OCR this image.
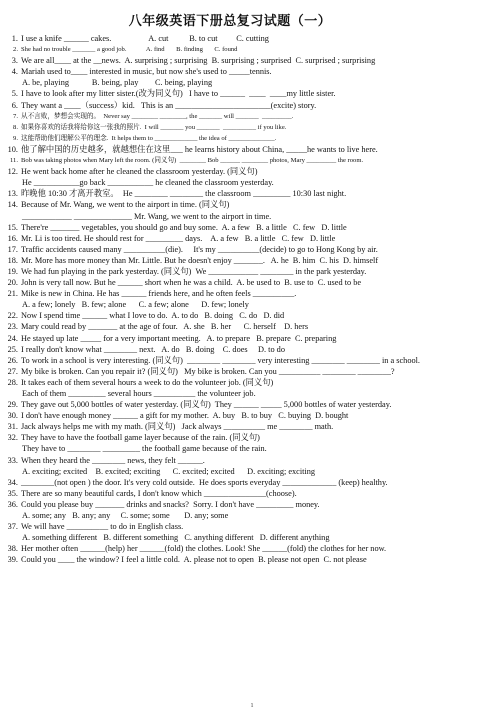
八年级英语下册总复习试题（一）
1. I use a knife ______ cakes.                  A. cut          B. to cut         C. cutting
2. She had no trouble _______ a good job.            A. find       B. finding       C. found
3. We are all____ at the __news.  A. surprising ; surprising  B. surprising ; surprised  C. surprised ; surprising
4. Mariah used to____ interested in music, but now she's used to _____tennis.
A. be, playing           B. being, play        C. being, playing
5. I have to look after my litter sister.(改为同义句)   I have to ______  ____  ____my little sister.
6. They want a ____（success）kid.   This is an _______________________(excite) story.
7. 从不言败，梦想会实现的。  Never say ________ ________, the _______ will _______  _________.
8. 如果你喜欢的话我将给你这一张我的照片.  I will _______ you _______  __________ if you like.
9. 这能帮助他们理解公平的理念.  It helps them to _____________ the idea of ______________.
10. 他了解中国的历史越多，就越想住在这里___ he learns history about China, _____he wants to live here.
11. Bob was taking photos when Mary left the room. (同义句)  ________ Bob ______ ________ photos, Mary _________ the room.
12. He went back home after he cleaned the classroom yesterday. (同义句)
He ___________go back ___________ he cleaned the classroom yesterday.
13. 昨晚他 10:30 才离开教室。  He ________ ________ the classroom _________ 10:30 last night.
14. Because of Mr. Wang, we went to the airport in time. (同义句)
____________ ______________ Mr. Wang, we went to the airport in time.
15. There're _______ vegetables, you should go and buy some.  A. a few   B. a little   C. few   D. little
16. Mr. Li is too tired. He should rest for _________ days.    A. a few   B. a little   C. few   D. little
17. Traffic accidents caused many __________(die).     It's my __________(decide) to go to Hong Kong by air.
18. Mr. More has more money than Mr. Little. But he doesn't enjoy _______.   A. he  B. him  C. his  D. himself
19. We had fun playing in the park yesterday. (同义句)  We ____________ ________ in the park yesterday.
20. John is very tall now. But he ______ short when he was a child.  A. be used to  B. use to  C. used to be
21. Mike is new in China. He has ______ friends here, and he often feels __________.
A. a few; lonely   B. few; alone      C. a few; alone      D. few; lonely
22. Now I spend time ______ what I love to do.  A. to do   B. doing   C. do   D. did
23. Mary could read by _______ at the age of four.   A. she   B. her      C. herself    D. hers
24. He stayed up late _____ for a very important meeting.   A. to prepare   B. prepare  C. preparing
25. I really don't know what ________ next.   A. do   B. doing    C. does     D. to do
26. To work in a school is very interesting. (同义句)  ________ ________ very interesting ________ ________ in a school.
27. My bike is broken. Can you repair it? (同义句)   My bike is broken. Can you __________ ________ ________?
28. It takes each of them several hours a week to do the volunteer job. (同义句)
Each of them _________ several hours __________ the volunteer job.
29. They gave out 5,000 bottles of water yesterday. (同义句)  They ______ _____ 5,000 bottles of water yesterday.
30. I don't have enough money ______ a gift for my mother.  A. buy   B. to buy   C. buying  D. bought
31. Jack always helps me with my math. (同义句)   Jack always __________ me ________ math.
32. They have to have the football game layer because of the rain. (同义句)
They have to ________ _________ the football game because of the rain.
33. When they heard the ________ news, they felt ______.
A. exciting; excited    B. excited; exciting      C. excited; excited      D. exciting; exciting
34. ________(not open ) the door. It's very cold outside.  He does sports everyday _____________ (keep) healthy.
35. There are so many beautiful cards, I don't know which _______________(choose).
36. Could you please buy _______ drinks and snacks?  Sorry. I don't have _________ money.
A. some; any   B. any; any     C. some; some       D. any; some
37. We will have __________ to do in English class.
A. something different   B. different something   C. anything different   D. different anything
38. Her mother often ______(help) her ______(fold) the clothes. Look! She ______(fold) the clothes for her now.
39. Could you ____ the window? I feel a little cold.  A. please not to open  B. please not open  C. not please
1
